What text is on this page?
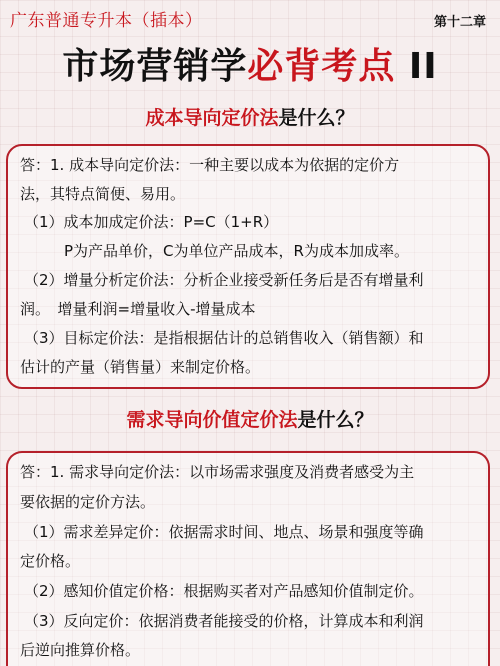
广东普通专升本（插本）	第十二章
市场营销学必背考点 II
成本导向定价法是什么？
答：1. 成本导向定价法：一种主要以成本为依据的定价方
法，其特点简便、易用。
（1）成本加成定价法：P=C（1+R）
P为产品单价，C为单位产品成本，R为成本加成率。
（2）增量分析定价法：分析企业接受新任务后是否有增量利
润。　增量利润=增量收入-增量成本
（3）目标定价法：是指根据估计的总销售收入（销售额）和
估计的产量（销售量）来制定价格。
需求导向价值定价法是什么？
答：1. 需求导向定价法：以市场需求强度及消费者感受为主
要依据的定价方法。
（1）需求差异定价：依据需求时间、地点、场景和强度等确
定价格。
（2）感知价值定价格：根据购买者对产品感知价值制定价。
（3）反向定价：依据消费者能接受的价格，计算成本和利润
后逆向推算价格。
